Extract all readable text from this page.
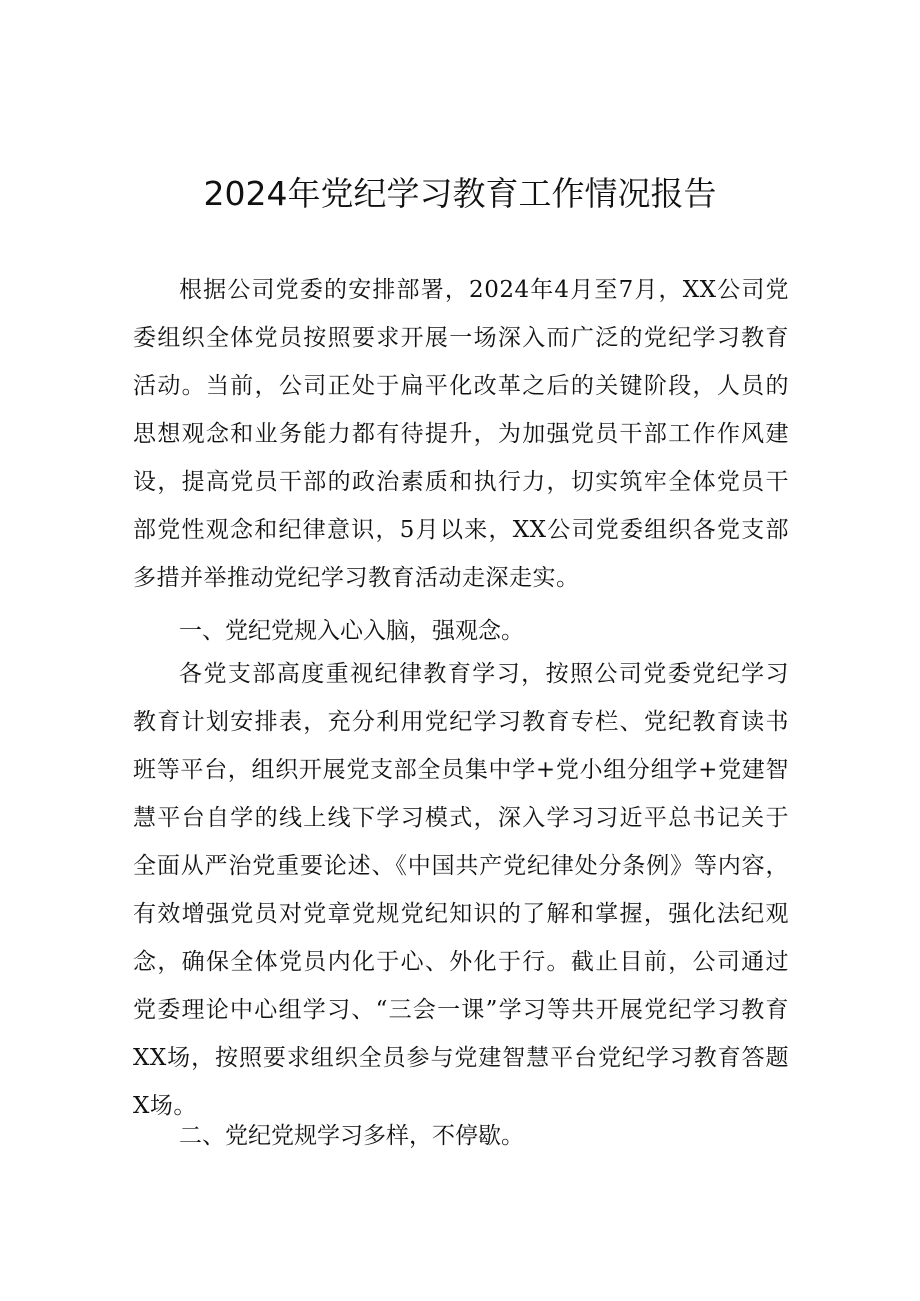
2024年党纪学习教育工作情况报告

根据公司党委的安排部署，2024年4月至7月，XX公司党委组织全体党员按照要求开展一场深入而广泛的党纪学习教育活动。当前，公司正处于扁平化改革之后的关键阶段，人员的思想观念和业务能力都有待提升，为加强党员干部工作作风建设，提高党员干部的政治素质和执行力，切实筑牢全体党员干部党性观念和纪律意识，5月以来，XX公司党委组织各党支部多措并举推动党纪学习教育活动走深走实。

一、党纪党规入心入脑，强观念。

各党支部高度重视纪律教育学习，按照公司党委党纪学习教育计划安排表，充分利用党纪学习教育专栏、党纪教育读书班等平台，组织开展党支部全员集中学+党小组分组学+党建智慧平台自学的线上线下学习模式，深入学习习近平总书记关于全面从严治党重要论述、《中国共产党纪律处分条例》等内容，有效增强党员对党章党规党纪知识的了解和掌握，强化法纪观念，确保全体党员内化于心、外化于行。截止目前，公司通过党委理论中心组学习、“三会一课”学习等共开展党纪学习教育XX场，按照要求组织全员参与党建智慧平台党纪学习教育答题X场。

二、党纪党规学习多样，不停歇。
